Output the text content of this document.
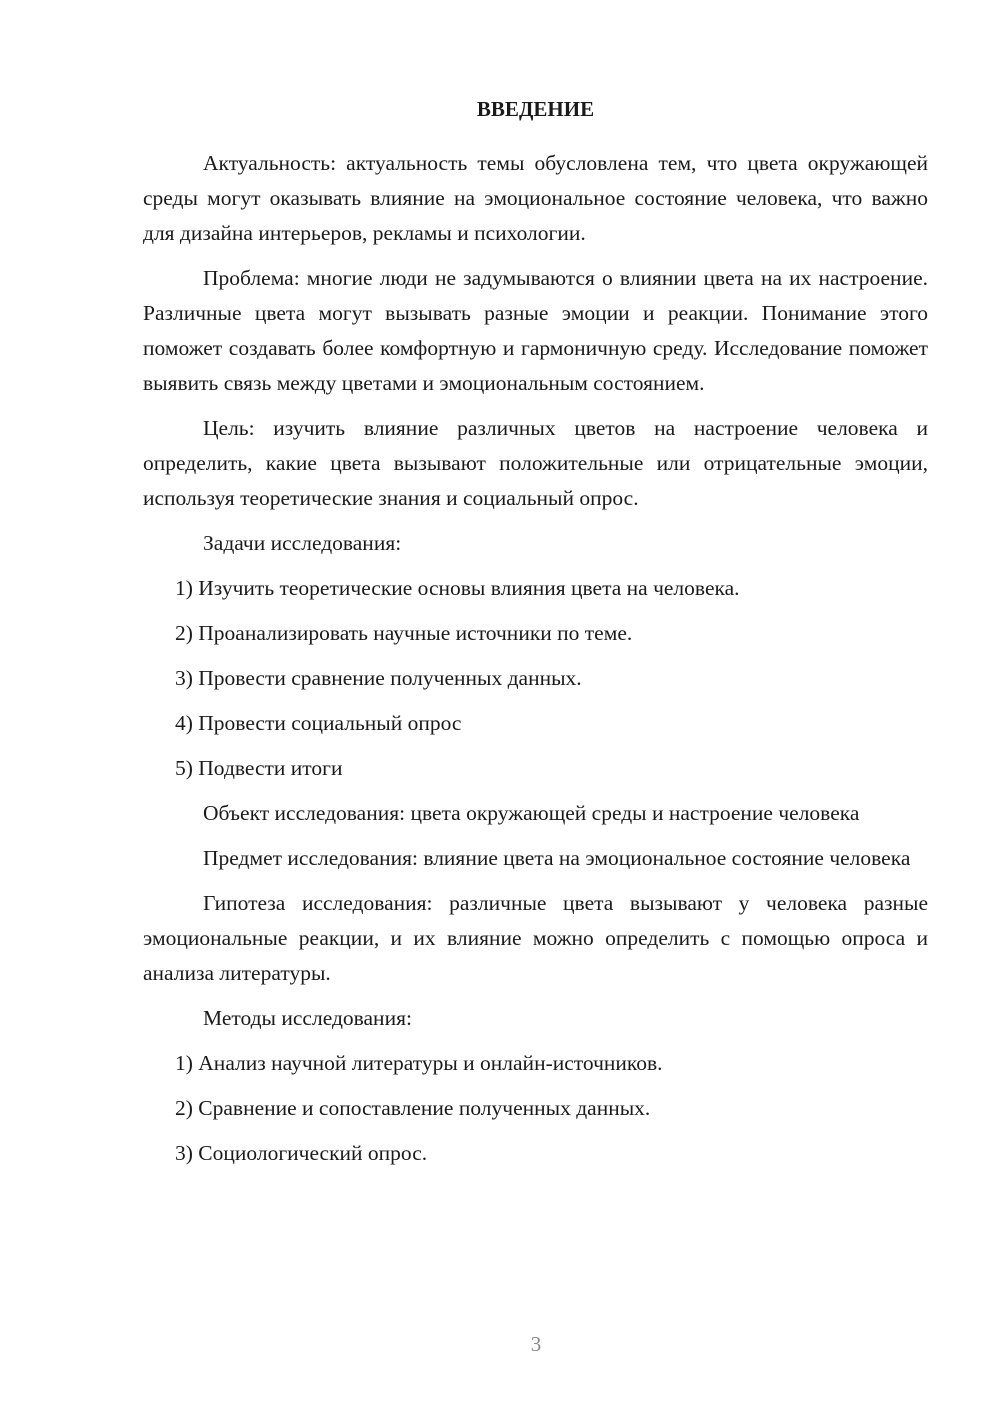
ВВЕДЕНИЕ

Актуальность: актуальность темы обусловлена тем, что цвета окружающей среды могут оказывать влияние на эмоциональное состояние человека, что важно для дизайна интерьеров, рекламы и психологии.

Проблема: многие люди не задумываются о влиянии цвета на их настроение. Различные цвета могут вызывать разные эмоции и реакции. Понимание этого поможет создавать более комфортную и гармоничную среду. Исследование поможет выявить связь между цветами и эмоциональным состоянием.

Цель: изучить влияние различных цветов на настроение человека и определить, какие цвета вызывают положительные или отрицательные эмоции, используя теоретические знания и социальный опрос.

Задачи исследования:

1) Изучить теоретические основы влияния цвета на человека.

2) Проанализировать научные источники по теме.

3) Провести сравнение полученных данных.

4) Провести социальный опрос

5) Подвести итоги

Объект исследования: цвета окружающей среды и настроение человека

Предмет исследования: влияние цвета на эмоциональное состояние человека

Гипотеза исследования: различные цвета вызывают у человека разные эмоциональные реакции, и их влияние можно определить с помощью опроса и анализа литературы.

Методы исследования:

1) Анализ научной литературы и онлайн-источников.

2) Сравнение и сопоставление полученных данных.

3) Социологический опрос.

3
